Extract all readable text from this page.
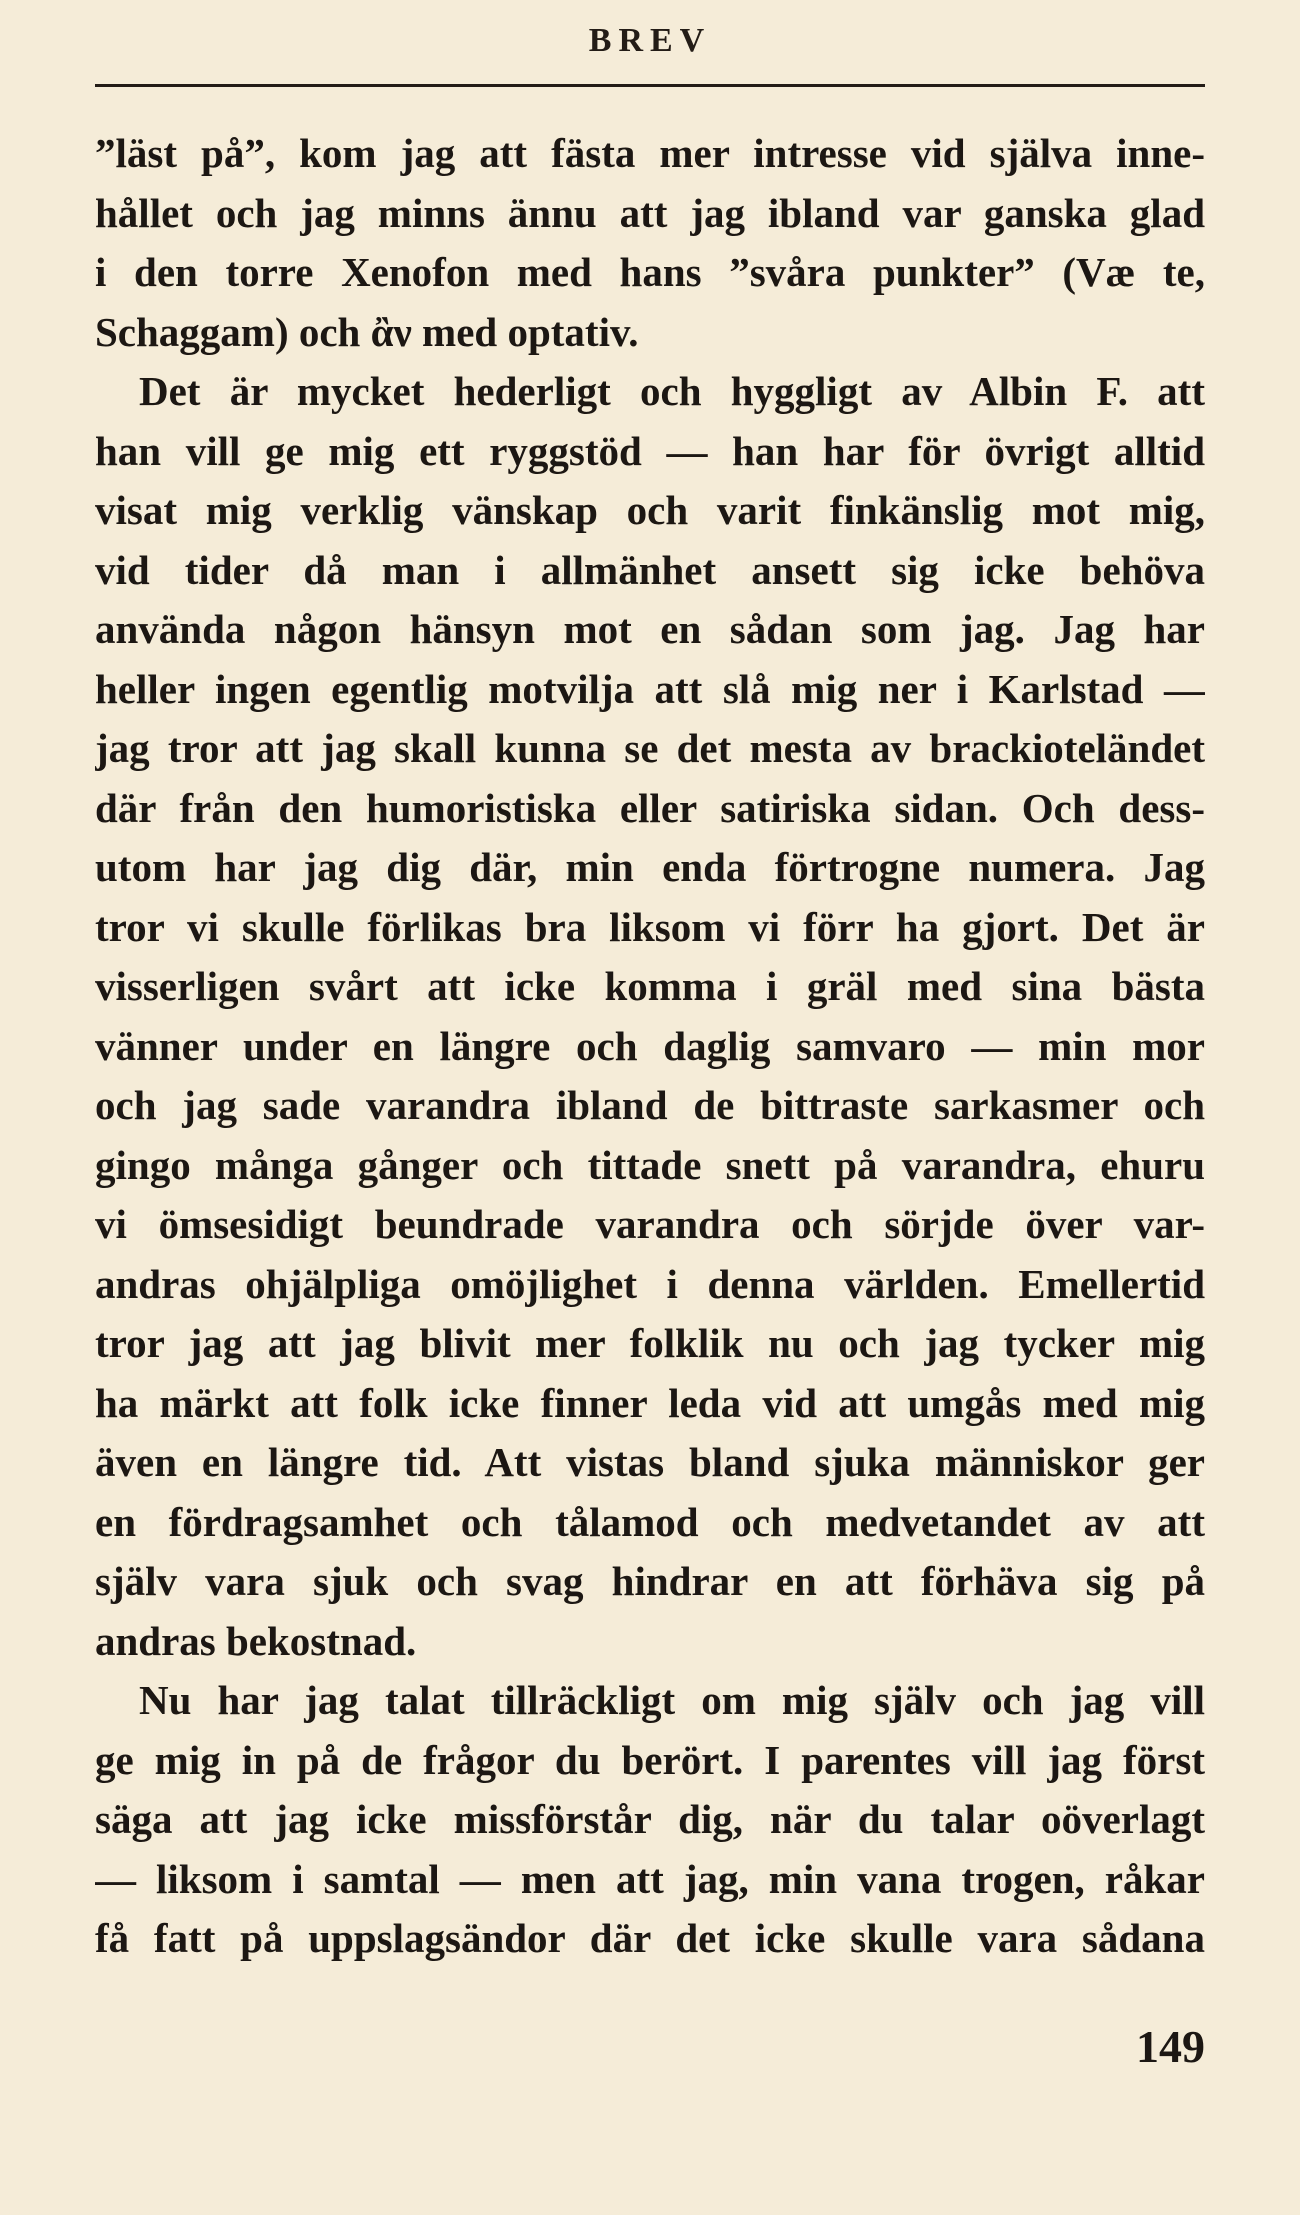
BREV
”läst på”, kom jag att fästa mer intresse vid själva inne-
hållet och jag minns ännu att jag ibland var ganska glad
i den torre Xenofon med hans ”svåra punkter” (Væ te,
Schaggam) och ἂν med optativ.
Det är mycket hederligt och hyggligt av Albin F. att
han vill ge mig ett ryggstöd — han har för övrigt alltid
visat mig verklig vänskap och varit finkänslig mot mig,
vid tider då man i allmänhet ansett sig icke behöva
använda någon hänsyn mot en sådan som jag. Jag har
heller ingen egentlig motvilja att slå mig ner i Karlstad —
jag tror att jag skall kunna se det mesta av brackioteländet
där från den humoristiska eller satiriska sidan. Och dess-
utom har jag dig där, min enda förtrogne numera. Jag
tror vi skulle förlikas bra liksom vi förr ha gjort. Det är
visserligen svårt att icke komma i gräl med sina bästa
vänner under en längre och daglig samvaro — min mor
och jag sade varandra ibland de bittraste sarkasmer och
gingo många gånger och tittade snett på varandra, ehuru
vi ömsesidigt beundrade varandra och sörjde över var-
andras ohjälpliga omöjlighet i denna världen. Emellertid
tror jag att jag blivit mer folklik nu och jag tycker mig
ha märkt att folk icke finner leda vid att umgås med mig
även en längre tid. Att vistas bland sjuka människor ger
en fördragsamhet och tålamod och medvetandet av att
själv vara sjuk och svag hindrar en att förhäva sig på
andras bekostnad.
Nu har jag talat tillräckligt om mig själv och jag vill
ge mig in på de frågor du berört. I parentes vill jag först
säga att jag icke missförstår dig, när du talar oöverlagt
— liksom i samtal — men att jag, min vana trogen, råkar
få fatt på uppslagsändor där det icke skulle vara sådana
149
